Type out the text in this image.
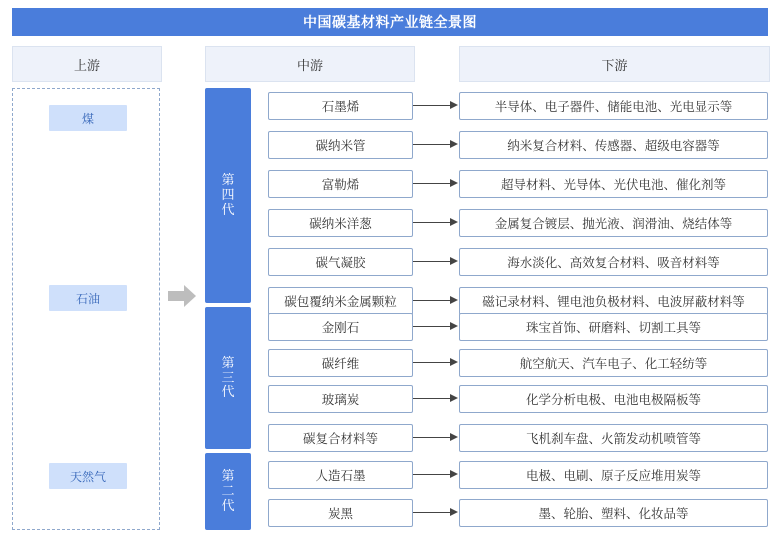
中国碳基材料产业链全景图
上游	中游	下游
煤
石油
天然气
第四代
第三代
第二代
石墨烯	半导体、电子器件、储能电池、光电显示等
碳纳米管	纳米复合材料、传感器、超级电容器等
富勒烯	超导材料、光导体、光伏电池、催化剂等
碳纳米洋葱	金属复合镀层、抛光液、润滑油、烧结体等
碳气凝胶	海水淡化、高效复合材料、吸音材料等
碳包覆纳米金属颗粒	磁记录材料、锂电池负极材料、电波屏蔽材料等
金刚石	珠宝首饰、研磨料、切割工具等
碳纤维	航空航天、汽车电子、化工轻纺等
玻璃炭	化学分析电极、电池电极隔板等
碳复合材料等	飞机刹车盘、火箭发动机喷管等
人造石墨	电极、电刷、原子反应堆用炭等
炭黑	墨、轮胎、塑料、化妆品等
